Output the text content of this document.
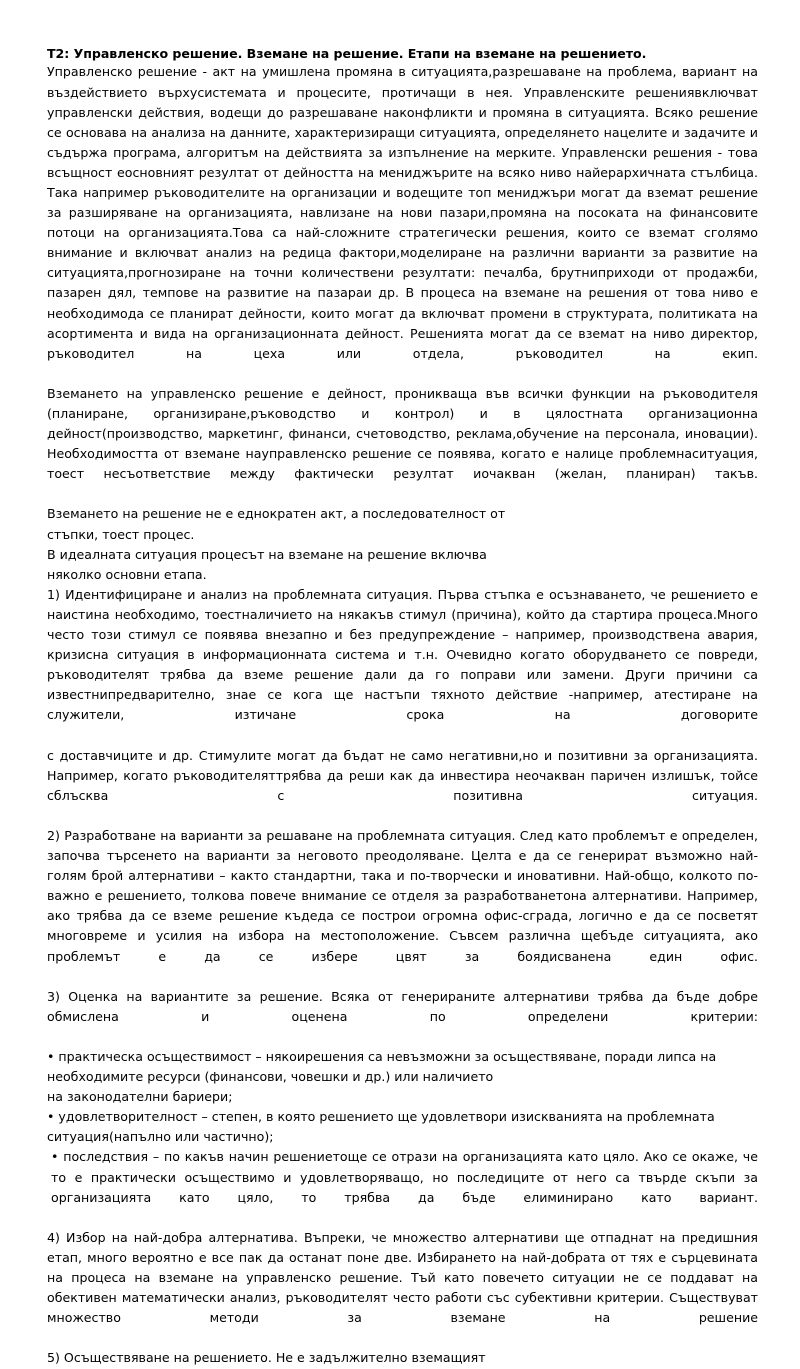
T2: Управленско решение. Вземане на решение. Етапи на вземане на решението.

Управленско решение - акт на умишлена промяна в ситуацията,разрешаване на проблема, вариант на въздействието върхусистемата и процесите, протичащи в нея. Управленските решениявключват управленски действия, водещи до разрешаване наконфликти и промяна в ситуацията. Всяко решение се основава на анализа на данните, характеризиращи ситуацията, определянето нацелите и задачите и съдържа програма, алгоритъм на действията за изпълнение на мерките. Управленски решения - това всъщност еосновният резултат от дейността на мениджърите на всяко ниво найерархичната стълбица. Така например ръководителите на организации и водещите топ мениджъри могат да вземат решение за разширяване на организацията, навлизане на нови пазари,промяна на посоката на финансовите потоци на организацията.Това са най-сложните стратегически решения, които се вземат сголямо внимание и включват анализ на редица фактори,моделиране на различни варианти за развитие на ситуацията,прогнозиране на точни количествени резултати: печалба, брутниприходи от продажби, пазарен дял, темпове на развитие на пазараи др. В процеса на вземане на решения от това ниво е необходимода се планират дейности, които могат да включват промени в структурата, политиката на асортимента и вида на организационната дейност. Решенията могат да се вземат на ниво директор, ръководител на цеха или отдела, ръководител на екип.

Вземането на управленско решение е дейност, проникваща във всички функции на ръководителя (планиране, организиране,ръководство и контрол) и в цялостната организационна дейност(производство, маркетинг, финанси, счетоводство, реклама,обучение на персонала, иновации). Необходимостта от вземане науправленско решение се появява, когато е налице проблемнаситуация, тоест несъответствие между фактически резултат иочакван (желан, планиран) такъв.

Вземането на решение не е еднократен акт, а последователност от

стъпки, тоест процес.

В идеалната ситуация процесът на вземане на решение включва

няколко основни етапа.

1) Идентифициране и анализ на проблемната ситуация. Първа стъпка е осъзнаването, че решението е наистина необходимо, тоестналичието на някакъв стимул (причина), който да стартира процеса.Много често този стимул се появява внезапно и без предупреждение – например, производствена авария, кризисна ситуация в информационната система и т.н. Очевидно когато оборудването се повреди, ръководителят трябва да вземе решение дали да го поправи или замени. Други причини са известнипредварително, знае се кога ще настъпи тяхното действие -например, атестиране на служители, изтичане срока на договорите

с доставчиците и др. Стимулите могат да бъдат не само негативни,но и позитивни за организацията. Например, когато ръководителяттрябва да реши как да инвестира неочакван паричен излишък, тойсе сблъсква с позитивна ситуация.

2) Разработване на варианти за решаване на проблемната ситуация. След като проблемът е определен, започва търсенето на варианти за неговото преодоляване. Целта е да се генерират възможно най-голям брой алтернативи – както стандартни, така и по-творчески и иновативни. Най-общо, колкото по-важно е решението, толкова повече внимание се отделя за разработванетона алтернативи. Например, ако трябва да се вземе решение къдеда се построи огромна офис-сграда, логично е да се посветят многовреме и усилия на избора на местоположение. Съвсем различна щебъде ситуацията, ако проблемът е да се избере цвят за боядисванена един офис.

3) Оценка на вариантите за решение. Всяка от генерираните алтернативи трябва да бъде добре обмислена и оценена по определени критерии:

• практическа осъществимост – някоирешения са невъзможни за осъществяване, поради липса на необходимите ресурси (финансови, човешки и др.) или наличието

на законодателни бариери;

• удовлетворителност – степен, в която решението ще удовлетвори изискванията на проблемната ситуация(напълно или частично);

• последствия – по какъв начин решениетоще се отрази на организацията като цяло. Ако се окаже, че то е практически осъществимо и удовлетворяващо, но последиците от него са твърде скъпи за организацията като цяло, то трябва да бъде елиминирано като вариант.

4) Избор на най-добра алтернатива. Въпреки, че множество алтернативи ще отпаднат на предишния етап, много вероятно е все пак да останат поне две. Избирането на най-добрата от тях е сърцевината на процеса на вземане на управленско решение. Тъй като повечето ситуации не се поддават на обективен математически анализ, ръководителят често работи със субективни критерии. Съществуват множество методи за вземане на решение

5) Осъществяване на решението. Не е задължително вземащият
